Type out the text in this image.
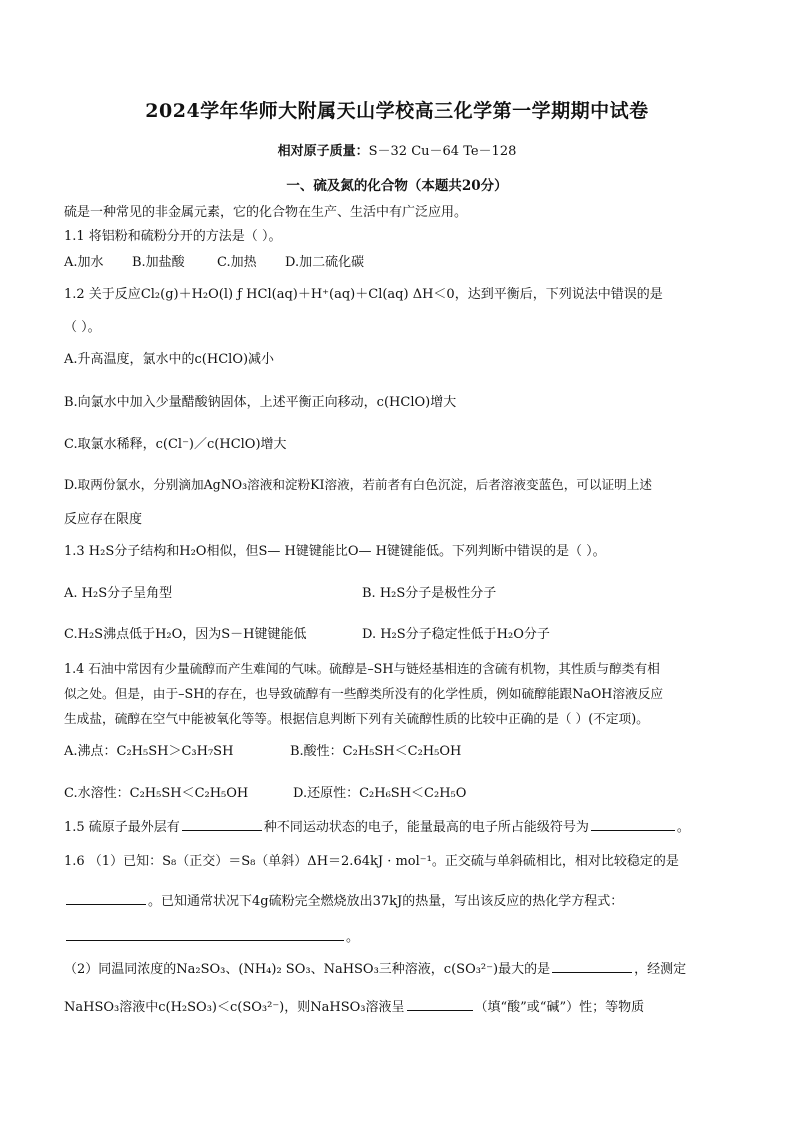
2024学年华师大附属天山学校高三化学第一学期期中试卷
相对原子质量：S－32 Cu－64 Te－128
一、硫及氮的化合物（本题共20分）
硫是一种常见的非金属元素，它的化合物在生产、生活中有广泛应用。
1.1 将铝粉和硫粉分开的方法是（ ）。
A.加水 B.加盐酸 C.加热 D.加二硫化碳
1.2 关于反应Cl₂(g)＋H₂O(l) ƒ HCl(aq)＋H⁺(aq)＋Cl(aq) ΔH＜0，达到平衡后，下列说法中错误的是
（ ）。
A.升高温度，氯水中的c(HClO)减小
B.向氯水中加入少量醋酸钠固体，上述平衡正向移动，c(HClO)增大
C.取氯水稀释，c(Cl⁻)／c(HClO)增大
D.取两份氯水，分别滴加AgNO₃溶液和淀粉KI溶液，若前者有白色沉淀，后者溶液变蓝色，可以证明上述
反应存在限度
1.3 H₂S分子结构和H₂O相似，但S— H键键能比O— H键键能低。下列判断中错误的是（ ）。
A. H₂S分子呈角型	B. H₂S分子是极性分子
C.H₂S沸点低于H₂O，因为S－H键键能低	D. H₂S分子稳定性低于H₂O分子
1.4 石油中常因有少量硫醇而产生难闻的气味。硫醇是–SH与链烃基相连的含硫有机物，其性质与醇类有相
似之处。但是，由于–SH的存在，也导致硫醇有一些醇类所没有的化学性质，例如硫醇能跟NaOH溶液反应
生成盐，硫醇在空气中能被氧化等等。根据信息判断下列有关硫醇性质的比较中正确的是（ ）(不定项)。
A.沸点：C₂H₅SH＞C₃H₇SH	B.酸性：C₂H₅SH＜C₂H₅OH
C.水溶性：C₂H₅SH＜C₂H₅OH	D.还原性：C₂H₆SH＜C₂H₅O
1.5 硫原子最外层有	种不同运动状态的电子，能量最高的电子所占能级符号为	。
1.6 （1）已知：S₈（正交）＝S₈（单斜）ΔH＝2.64kJ · mol⁻¹。正交硫与单斜硫相比，相对比较稳定的是
。已知通常状况下4g硫粉完全燃烧放出37kJ的热量，写出该反应的热化学方程式：
。
（2）同温同浓度的Na₂SO₃、(NH₄)₂ SO₃、NaHSO₃三种溶液，c(SO₃²⁻)最大的是	，经测定
NaHSO₃溶液中c(H₂SO₃)＜c(SO₃²⁻)，则NaHSO₃溶液呈	（填“酸”或“碱”）性；等物质
